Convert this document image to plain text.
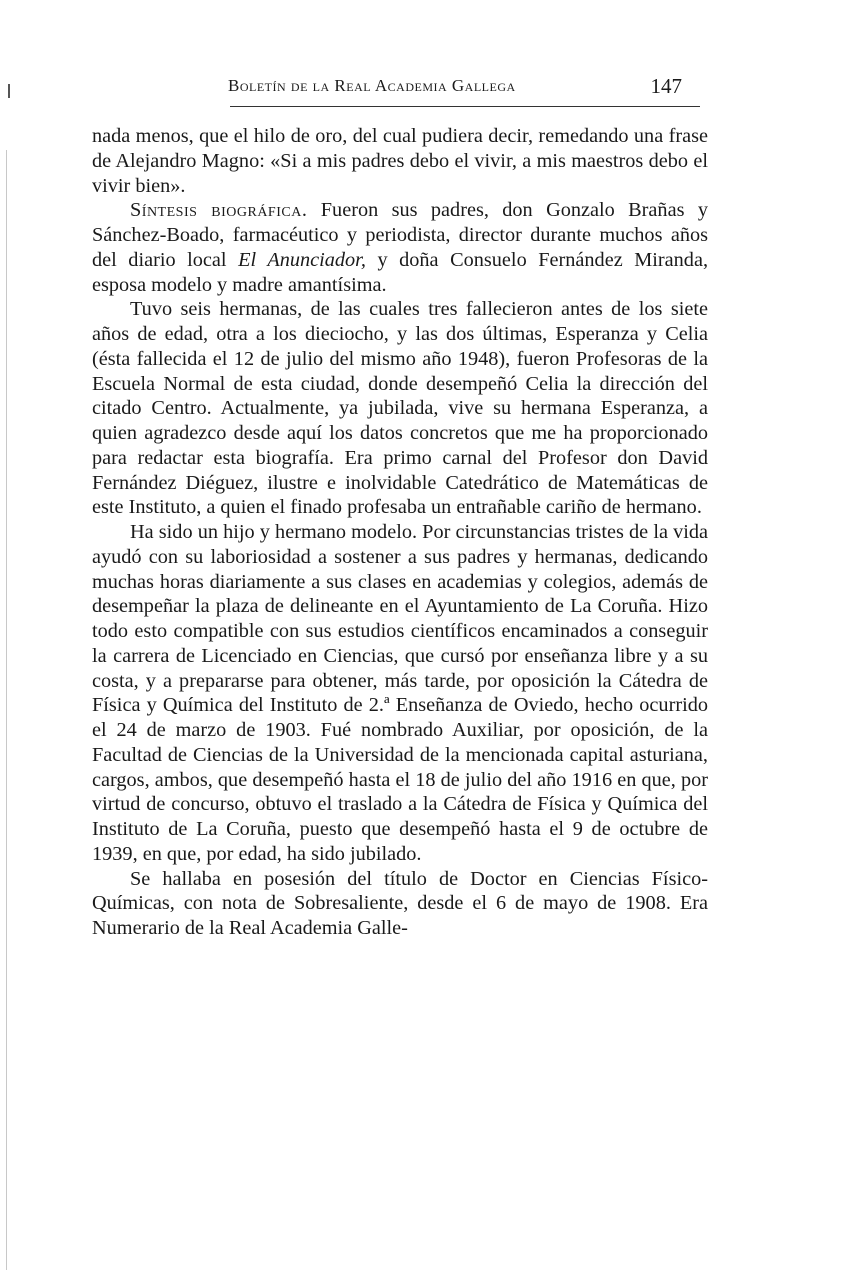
Boletín de la Real Academia Gallega	147

nada menos, que el hilo de oro, del cual pudiera decir, remedando una frase de Alejandro Magno: «Si a mis padres debo el vivir, a mis maestros debo el vivir bien».

Síntesis biográfica. Fueron sus padres, don Gonzalo Brañas y Sánchez-Boado, farmacéutico y periodista, director durante muchos años del diario local El Anunciador, y doña Consuelo Fernández Miranda, esposa modelo y madre amantísima.

Tuvo seis hermanas, de las cuales tres fallecieron antes de los siete años de edad, otra a los dieciocho, y las dos últimas, Esperanza y Celia (ésta fallecida el 12 de julio del mismo año 1948), fueron Profesoras de la Escuela Normal de esta ciudad, donde desempeñó Celia la dirección del citado Centro. Actualmente, ya jubilada, vive su hermana Esperanza, a quien agradezco desde aquí los datos concretos que me ha proporcionado para redactar esta biografía. Era primo carnal del Profesor don David Fernández Diéguez, ilustre e inolvidable Catedrático de Matemáticas de este Instituto, a quien el finado profesaba un entrañable cariño de hermano.

Ha sido un hijo y hermano modelo. Por circunstancias tristes de la vida ayudó con su laboriosidad a sostener a sus padres y hermanas, dedicando muchas horas diariamente a sus clases en academias y colegios, además de desempeñar la plaza de delineante en el Ayuntamiento de La Coruña. Hizo todo esto compatible con sus estudios científicos encaminados a conseguir la carrera de Licenciado en Ciencias, que cursó por enseñanza libre y a su costa, y a prepararse para obtener, más tarde, por oposición la Cátedra de Física y Química del Instituto de 2.ª Enseñanza de Oviedo, hecho ocurrido el 24 de marzo de 1903. Fué nombrado Auxiliar, por oposición, de la Facultad de Ciencias de la Universidad de la mencionada capital asturiana, cargos, ambos, que desempeñó hasta el 18 de julio del año 1916 en que, por virtud de concurso, obtuvo el traslado a la Cátedra de Física y Química del Instituto de La Coruña, puesto que desempeñó hasta el 9 de octubre de 1939, en que, por edad, ha sido jubilado.

Se hallaba en posesión del título de Doctor en Ciencias Físico-Químicas, con nota de Sobresaliente, desde el 6 de mayo de 1908. Era Numerario de la Real Academia Galle-
